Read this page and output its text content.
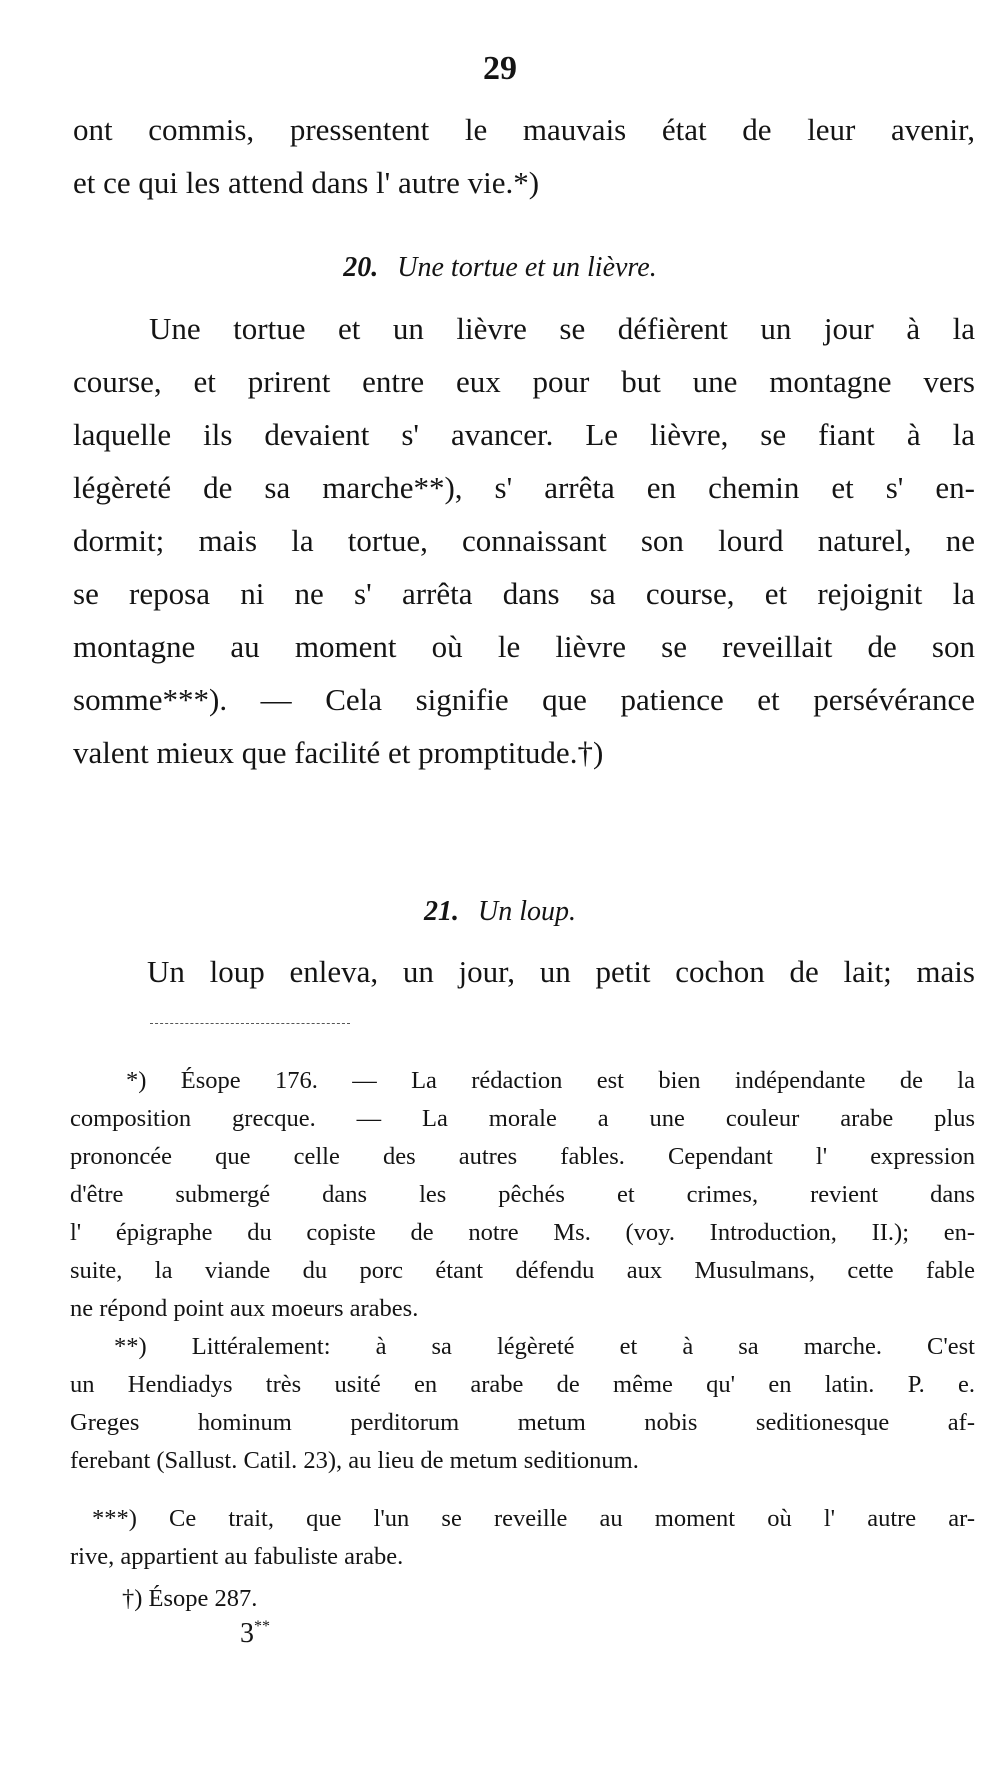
29
ont commis, pressentent le mauvais état de leur avenir,
et ce qui les attend dans l' autre vie.*)
20. Une tortue et un lièvre.
Une tortue et un lièvre se défièrent un jour à la
course, et prirent entre eux pour but une montagne vers
laquelle ils devaient s' avancer. Le lièvre, se fiant à la
légèreté de sa marche**), s' arrêta en chemin et s' en-
dormit; mais la tortue, connaissant son lourd naturel, ne
se reposa ni ne s' arrêta dans sa course, et rejoignit la
montagne au moment où le lièvre se reveillait de son
somme***). — Cela signifie que patience et persévérance
valent mieux que facilité et promptitude.†)
21. Un loup.
Un loup enleva, un jour, un petit cochon de lait; mais
*) Ésope 176. — La rédaction est bien indépendante de la
composition grecque. — La morale a une couleur arabe plus
prononcée que celle des autres fables. Cependant l' expression
d'être submergé dans les pêchés et crimes, revient dans
l' épigraphe du copiste de notre Ms. (voy. Introduction, II.); en-
suite, la viande du porc étant défendu aux Musulmans, cette fable
ne répond point aux moeurs arabes.
**) Littéralement: à sa légèreté et à sa marche. C'est
un Hendiadys très usité en arabe de même qu' en latin. P. e.
Greges hominum perditorum metum nobis seditionesque af-
ferebant (Sallust. Catil. 23), au lieu de metum seditionum.
***) Ce trait, que l'un se reveille au moment où l' autre ar-
rive, appartient au fabuliste arabe.
†) Ésope 287.
3**
